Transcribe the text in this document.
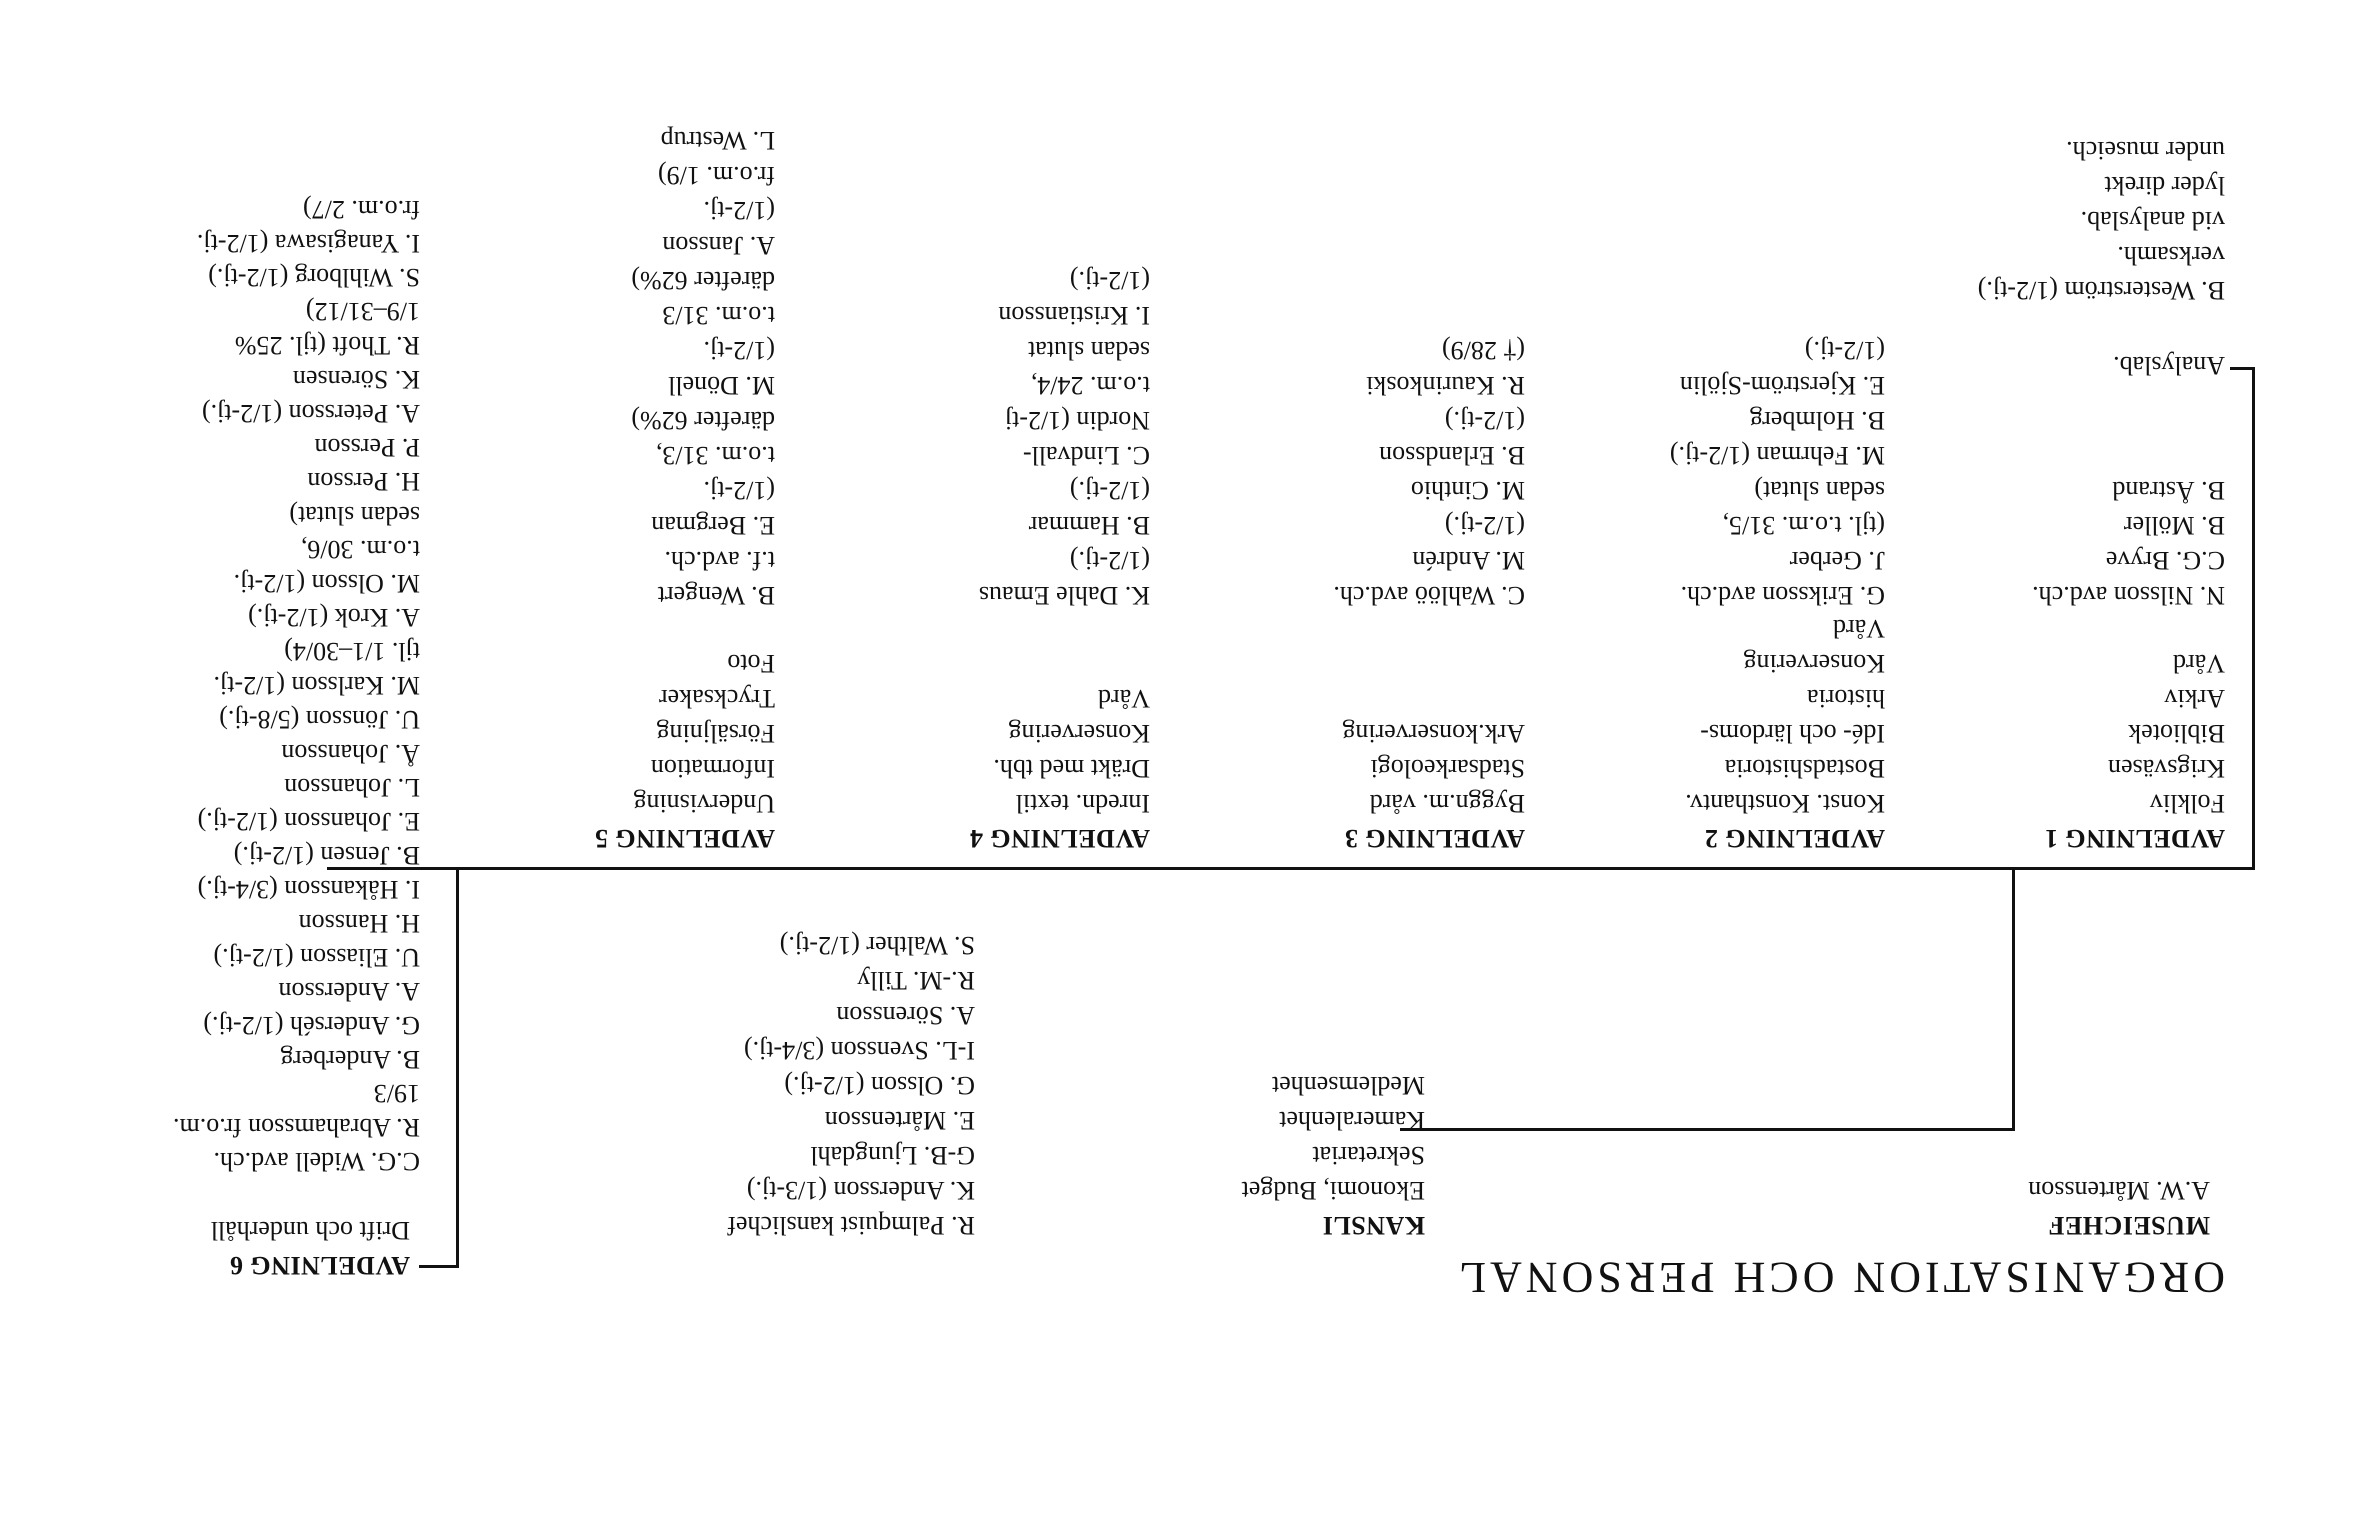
ORGANISATION OCH PERSONAL
MUSEICHEF
A.W. Mårtensson
KANSLI
Ekonomi, Budget
Sekretariat
Kameralenhet
Medlemsenhet
R. Palmquist kanslichef
K. Andersson (1/3-tj.)
G-B. Ljungdahl
E. Mårtensson
G. Olsson (1/2-tj.)
I-L. Svensson (3/4-tj.)
A. Sörensson
R.-M. Tilly
S. Walther (1/2-tj.)
AVDELNING 6
Drift och underhåll
C.G. Widell avd.ch.
R. Abrahamsson fr.o.m.
19/3
B. Anderberg
G. Anderséh (1/2-tj.)
A. Andersson
U. Eliasson (1/2-tj.)
H. Hansson
I. Håkansson (3/4-tj.)
B. Jensen (1/2-tj.)
E. Johansson (1/2-tj.)
L. Johansson
Å. Johansson
U. Jönsson (5/8-tj.)
M. Karlsson (1/2-tj.
tjl. 1/1–30/4)
A. Krok (1/2-tj.)
M. Olsson (1/2-tj.
t.o.m. 30/6,
sedan slutat)
H. Persson
P. Persson
A. Petersson (1/2-tj.)
K. Sörensen
R. Thoft (tjl. 25%
1/9–31/12)
S. Wihlborg (1/2-tj.)
I. Yanagisawa (1/2-tj.
fr.o.m. 2/7)
AVDELNING 1
Folkliv
Krigsväsen
Bibliotek
Arkiv
Vård
N. Nilsson avd.ch.
C.G. Bryve
B. Möller
B. Åstrand
Analyslab.
B. Westerström (1/2-tj.)
verksamh.
vid analyslab.
lyder direkt
under museich.
AVDELNING 2
Konst. Konsthantv.
Bostadshistoria
Idé- och lärdoms-
historia
Konservering
Vård
G. Eriksson avd.ch.
J. Gerber
(tjl. t.o.m. 31/5,
sedan slutat)
M. Fehrman (1/2-tj.)
B. Holmberg
E. Kjerström-Sjölin
(1/2-tj.)
AVDELNING 3
Byggn.m. vård
Stadsarkeologi
Ark.konservering
C. Wahlöö avd.ch.
M. Andrén
(1/2-tj.)
M. Cinthio
B. Erlandsson
(1/2-tj.)
R. Kaurinkoski
(† 28/9)
AVDELNING 4
Inredn. textil
Dräkt med tbh.
Konservering
Vård
K. Dahle Emaus
(1/2-tj.)
B. Hammar
(1/2-tj.)
C. Lindvall-
Nordin (1/2-tj
t.o.m. 24/4,
sedan slutat
I. Kristiansson
(1/2-tj.)
AVDELNING 5
Undervisning
Information
Försäljning
Trycksaker
Foto
B. Wengert
t.f. avd.ch.
E. Bergman
(1/2-tj.
t.o.m. 31/3,
därefter 62%)
M. Dönell
(1/2-tj.
t.o.m. 31/3
därefter 62%)
A. Jansson
(1/2-tj.
fr.o.m. 1/9)
L. Westrup
